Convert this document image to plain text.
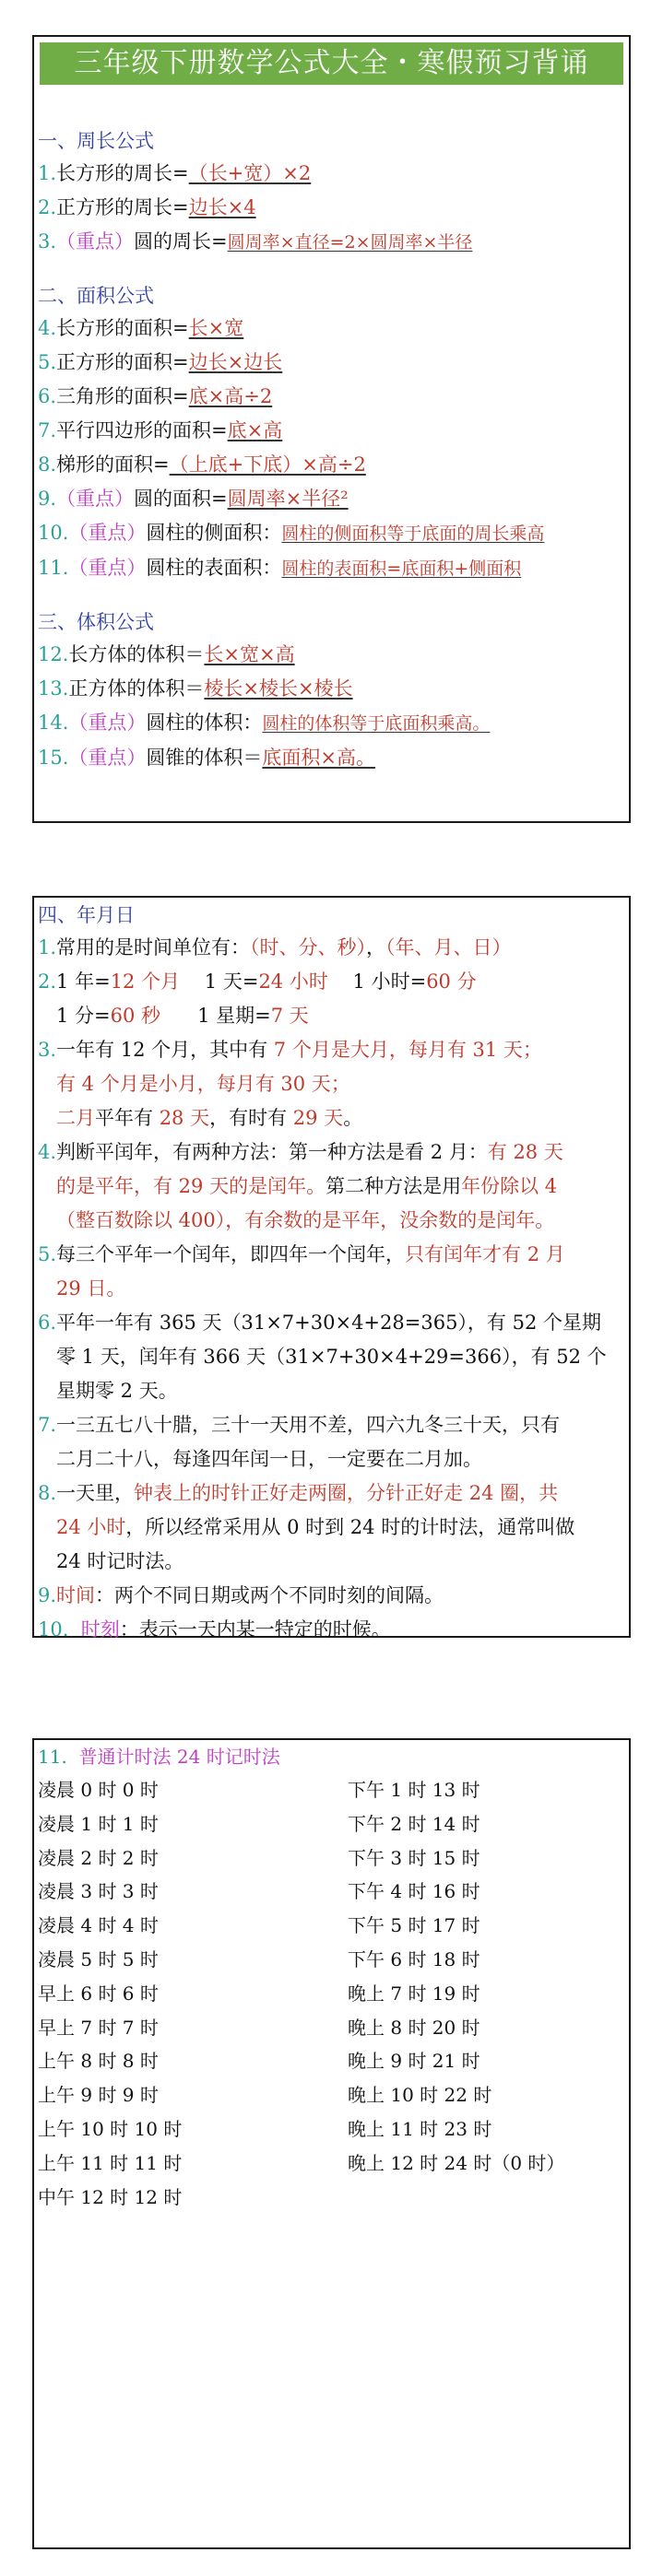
三年级下册数学公式大全・寒假预习背诵
一、周长公式
1.长方形的周长=（长+宽）×2
2.正方形的周长=边长×4
3.（重点）圆的周长=圆周率×直径=2×圆周率×半径
二、面积公式
4.长方形的面积=长×宽
5.正方形的面积=边长×边长
6.三角形的面积=底×高÷2
7.平行四边形的面积=底×高
8.梯形的面积=（上底+下底）×高÷2
9.（重点）圆的面积=圆周率×半径²
10.（重点）圆柱的侧面积：圆柱的侧面积等于底面的周长乘高
11.（重点）圆柱的表面积：圆柱的表面积=底面积+侧面积
三、体积公式
12.长方体的体积＝长×宽×高
13.正方体的体积＝棱长×棱长×棱长
14.（重点）圆柱的体积：圆柱的体积等于底面积乘高。
15.（重点）圆锥的体积＝底面积×高。
四、年月日
1.常用的是时间单位有：（时、分、秒），（年、月、日）
2.1 年=12 个月    1 天=24 小时    1 小时=60 分
1 分=60 秒      1 星期=7 天
3.一年有 12 个月，其中有 7 个月是大月，每月有 31 天；
有 4 个月是小月，每月有 30 天；
二月平年有 28 天，有时有 29 天。
4.判断平闰年，有两种方法：第一种方法是看 2 月：有 28 天
的是平年，有 29 天的是闰年。第二种方法是用年份除以 4
（整百数除以 400），有余数的是平年，没余数的是闰年。
5.每三个平年一个闰年，即四年一个闰年，只有闰年才有 2 月
29 日。
6.平年一年有 365 天（31×7+30×4+28=365），有 52 个星期
零 1 天，闰年有 366 天（31×7+30×4+29=366），有 52 个
星期零 2 天。
7.一三五七八十腊，三十一天用不差，四六九冬三十天，只有
二月二十八，每逢四年闰一日，一定要在二月加。
8.一天里，钟表上的时针正好走两圈，分针正好走 24 圈，共
24 小时，所以经常采用从 0 时到 24 时的计时法，通常叫做
24 时记时法。
9.时间：两个不同日期或两个不同时刻的间隔。
10.  时刻：表示一天内某一特定的时候。
11.  普通计时法 24 时记时法
凌晨 0 时 0 时
凌晨 1 时 1 时
凌晨 2 时 2 时
凌晨 3 时 3 时
凌晨 4 时 4 时
凌晨 5 时 5 时
早上 6 时 6 时
早上 7 时 7 时
上午 8 时 8 时
上午 9 时 9 时
上午 10 时 10 时
上午 11 时 11 时
中午 12 时 12 时
下午 1 时 13 时
下午 2 时 14 时
下午 3 时 15 时
下午 4 时 16 时
下午 5 时 17 时
下午 6 时 18 时
晚上 7 时 19 时
晚上 8 时 20 时
晚上 9 时 21 时
晚上 10 时 22 时
晚上 11 时 23 时
晚上 12 时 24 时（0 时）
